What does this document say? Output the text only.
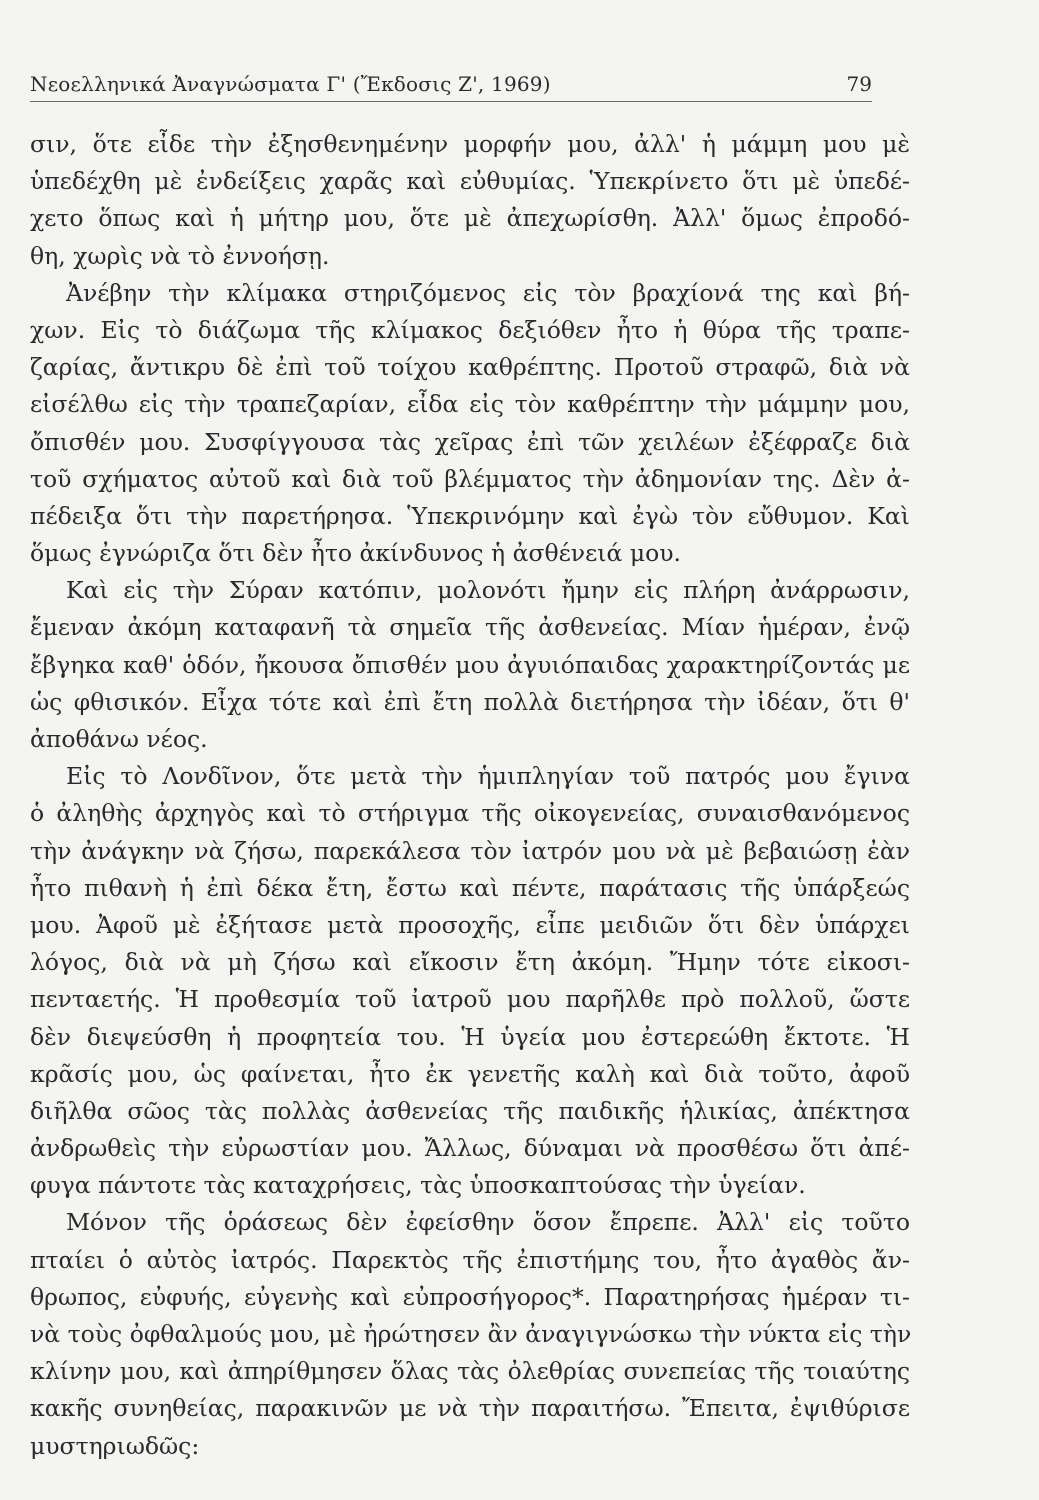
Νεοελληνικά Ἀναγνώσματα Γ' (Ἔκδοσις Ζ', 1969)	79
σιν, ὅτε εἶδε τὴν ἐξησθενημένην μορφήν μου, ἀλλ' ἡ μάμμη μου μὲ
ὑπεδέχθη μὲ ἐνδείξεις χαρᾶς καὶ εὐθυμίας. Ὑπεκρίνετο ὅτι μὲ ὑπεδέ-
χετο ὅπως καὶ ἡ μήτηρ μου, ὅτε μὲ ἀπεχωρίσθη. Ἀλλ' ὅμως ἐπροδό-
θη, χωρὶς νὰ τὸ ἐννοήσῃ.
Ἀνέβην τὴν κλίμακα στηριζόμενος εἰς τὸν βραχίονά της καὶ βή-
χων. Εἰς τὸ διάζωμα τῆς κλίμακος δεξιόθεν ἦτο ἡ θύρα τῆς τραπε-
ζαρίας, ἄντικρυ δὲ ἐπὶ τοῦ τοίχου καθρέπτης. Προτοῦ στραφῶ, διὰ νὰ
εἰσέλθω εἰς τὴν τραπεζαρίαν, εἶδα εἰς τὸν καθρέπτην τὴν μάμμην μου,
ὄπισθέν μου. Συσφίγγουσα τὰς χεῖρας ἐπὶ τῶν χειλέων ἐξέφραζε διὰ
τοῦ σχήματος αὐτοῦ καὶ διὰ τοῦ βλέμματος τὴν ἀδημονίαν της. Δὲν ἀ-
πέδειξα ὅτι τὴν παρετήρησα. Ὑπεκρινόμην καὶ ἐγὼ τὸν εὔθυμον. Καὶ
ὅμως ἐγνώριζα ὅτι δὲν ἦτο ἀκίνδυνος ἡ ἀσθένειά μου.
Καὶ εἰς τὴν Σύραν κατόπιν, μολονότι ἤμην εἰς πλήρη ἀνάρρωσιν,
ἔμεναν ἀκόμη καταφανῆ τὰ σημεῖα τῆς ἀσθενείας. Μίαν ἡμέραν, ἐνῷ
ἔβγηκα καθ' ὁδόν, ἤκουσα ὄπισθέν μου ἀγυιόπαιδας χαρακτηρίζοντάς με
ὡς φθισικόν. Εἶχα τότε καὶ ἐπὶ ἔτη πολλὰ διετήρησα τὴν ἰδέαν, ὅτι θ'
ἀποθάνω νέος.
Εἰς τὸ Λονδῖνον, ὅτε μετὰ τὴν ἡμιπληγίαν τοῦ πατρός μου ἔγινα
ὁ ἀληθὴς ἀρχηγὸς καὶ τὸ στήριγμα τῆς οἰκογενείας, συναισθανόμενος
τὴν ἀνάγκην νὰ ζήσω, παρεκάλεσα τὸν ἰατρόν μου νὰ μὲ βεβαιώσῃ ἐὰν
ἦτο πιθανὴ ἡ ἐπὶ δέκα ἔτη, ἔστω καὶ πέντε, παράτασις τῆς ὑπάρξεώς
μου. Ἀφοῦ μὲ ἐξήτασε μετὰ προσοχῆς, εἶπε μειδιῶν ὅτι δὲν ὑπάρχει
λόγος, διὰ νὰ μὴ ζήσω καὶ εἴκοσιν ἔτη ἀκόμη. Ἤμην τότε εἰκοσι-
πενταετής. Ἡ προθεσμία τοῦ ἰατροῦ μου παρῆλθε πρὸ πολλοῦ, ὥστε
δὲν διεψεύσθη ἡ προφητεία του. Ἡ ὑγεία μου ἐστερεώθη ἔκτοτε. Ἡ
κρᾶσίς μου, ὡς φαίνεται, ἦτο ἐκ γενετῆς καλὴ καὶ διὰ τοῦτο, ἀφοῦ
διῆλθα σῶος τὰς πολλὰς ἀσθενείας τῆς παιδικῆς ἡλικίας, ἀπέκτησα
ἀνδρωθεὶς τὴν εὐρωστίαν μου. Ἄλλως, δύναμαι νὰ προσθέσω ὅτι ἀπέ-
φυγα πάντοτε τὰς καταχρήσεις, τὰς ὑποσκαπτούσας τὴν ὑγείαν.
Μόνον τῆς ὁράσεως δὲν ἐφείσθην ὅσον ἔπρεπε. Ἀλλ' εἰς τοῦτο
πταίει ὁ αὐτὸς ἰατρός. Παρεκτὸς τῆς ἐπιστήμης του, ἦτο ἀγαθὸς ἄν-
θρωπος, εὐφυής, εὐγενὴς καὶ εὐπροσήγορος*. Παρατηρήσας ἡμέραν τι-
νὰ τοὺς ὀφθαλμούς μου, μὲ ἠρώτησεν ἂν ἀναγιγνώσκω τὴν νύκτα εἰς τὴν
κλίνην μου, καὶ ἀπηρίθμησεν ὅλας τὰς ὀλεθρίας συνεπείας τῆς τοιαύτης
κακῆς συνηθείας, παρακινῶν με νὰ τὴν παραιτήσω. Ἔπειτα, ἐψιθύρισε
μυστηριωδῶς:
